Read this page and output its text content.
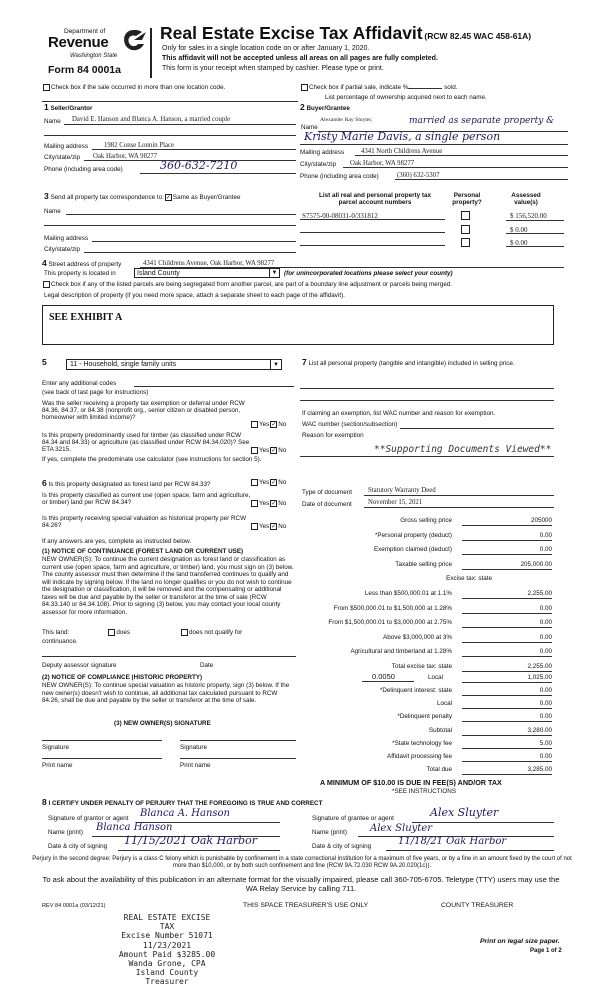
Department of
Revenue
Washington State
Form 84 0001a
Real Estate Excise Tax Affidavit (RCW 82.45 WAC 458-61A)
Only for sales in a single location code on or after January 1, 2020.
This affidavit will not be accepted unless all areas on all pages are fully completed.
This form is your receipt when stamped by cashier. Please type or print.
Check box if the sale occurred in more than one location code.	Check box if partial sale, indicate %	sold.
List percentage of ownership acquired next to each name.
1 Seller/Grantor
Name David E. Hanson and Blanca A. Hanson, a married couple
Mailing address 1982 Conse Lonnin Place
City/state/zip Oak Harbor, WA 98277
Phone (including area code)	360-632-7210
2 Buyer/Grantee
Name
Alexander Ray Sluyter,	married as separate property &
Kristy Marie Davis, a single person
Mailing address 4341 North Childrens Avenue
City/state/zip Oak Harbor, WA 98277
Phone (including area code)	(360) 632-5307
3 Send all property tax correspondence to: ✓ Same as Buyer/Grantee
Name
Mailing address
City/state/zip
List all real and personal property tax
parcel account numbers
Personal
property?
Assessed
value(s)
S7575-00-08031-0/331812	$ 156,520.00
$ 0.00
$ 0.00
4 Street address of property	4341 Childrens Avenue, Oak Harbor, WA 98277
This property is located in	Island County	▼ (for unincorporated locations please select your county)
Check box if any of the listed parcels are being segregated from another parcel, are part of a boundary line adjustment or parcels being merged.
Legal description of property (if you need more space, attach a separate sheet to each page of the affidavit).
SEE EXHIBIT A
5	11 - Household, single family units	▼
Enter any additional codes
(see back of last page for instructions)
Was the seller receiving a property tax exemption or deferral under RCW 84.36, 84.37, or 84.38 (nonprofit org., senior citizen or disabled person, homeowner with limited income)?
Yes ✓ No
Is this property predominantly used for timber (as classified under RCW 84.34 and 84.33) or agriculture (as classified under RCW 84.34.020)? See ETA 3215.	Yes ✓ No
If yes, complete the predominate use calculator (see instructions for section 5).
7 List all personal property (tangible and intangible) included in selling price.
If claiming an exemption, list WAC number and reason for exemption.
WAC number (section/subsection)
Reason for exemption
**Supporting Documents Viewed**
6 Is this property designated as forest land per RCW 84.33?	Yes ✓ No
Is this property classified as current use (open space, farm and agriculture, or timber) land per RCW 84.34?	Yes ✓ No
Is this property receiving special valuation as historical property per RCW 84.26?	Yes ✓ No
If any answers are yes, complete as instructed below.
(1) NOTICE OF CONTINUANCE (FOREST LAND OR CURRENT USE)
NEW OWNER(S): To continue the current designation as forest land or classification as current use (open space, farm and agriculture, or timber) land, you must sign on (3) below. The county assessor must then determine if the land transferred continues to qualify and will indicate by signing below. If the land no longer qualifies or you do not wish to continue the designation or classification, it will be removed and the compensating or additional taxes will be due and payable by the seller or transferor at the time of sale (RCW 84.33.140 or 84.34.108). Prior to signing (3) below, you may contact your local county assessor for more information.
This land:	does	does not qualify for
continuance.
Deputy assessor signature	Date
(2) NOTICE OF COMPLIANCE (HISTORIC PROPERTY)
NEW OWNER(S): To continue special valuation as historic property, sign (3) below. If the new owner(s) doesn't wish to continue, all additional tax calculated pursuant to RCW 84.26, shall be due and payable by the seller or transferor at the time of sale.
(3) NEW OWNER(S) SIGNATURE
Signature	Signature
Print name	Print name
Type of document Statutory Warranty Deed
Date of document November 15, 2021
Gross selling price	205000
*Personal property (deduct)	0.00
Exemption claimed (deduct)	0.00
Taxable selling price	205,000.00
Excise tax: state
Less than $500,000.01 at 1.1%	2,255.00
From $500,000.01 to $1,500,000 at 1.28%	0.00
From $1,500,000.01 to $3,000,000 at 2.75%	0.00
Above $3,000,000 at 3%	0.00
Agricultural and timberland at 1.28%	0.00
Total excise tax: state	2,255.00
*Delinquent interest: state	0.00
Local	0.00
*Delinquent penalty	0.00
Subtotal	3,280.00
*State technology fee	5.00
Affidavit processing fee	0.00
Total due	3,285.00
0.0050	Local	1,025.00
A MINIMUM OF $10.00 IS DUE IN FEE(S) AND/OR TAX
*SEE INSTRUCTIONS
8 I CERTIFY UNDER PENALTY OF PERJURY THAT THE FOREGOING IS TRUE AND CORRECT
Signature of grantor or agent Blanca A. Hanson
Name (print) Blanca Hanson
Date & city of signing 11/15/2021 Oak Harbor
Signature of grantee or agent	Alex Sluyter
Name (print) Alex Sluyter
Date & city of signing	11/18/21 Oak Harbor
Perjury in the second degree: Perjury is a class C felony which is punishable by confinement in a state correctional institution for a maximum of five years, or by a fine in an amount fixed by the court of not more than $10,000, or by both such confinement and fine (RCW 9A.72.030 RCW 9A.20.020(1c)).
To ask about the availability of this publication in an alternate format for the visually impaired, please call 360-705-6705. Teletype (TTY) users may use the WA Relay Service by calling 711.
REV 84 0001a (03/12/21)	THIS SPACE TREASURER'S USE ONLY	COUNTY TREASURER
REAL ESTATE EXCISE TAX
Excise Number 51071
11/23/2021
Amount Paid $3285.00
Wanda Grone, CPA
Island County Treasurer
Print on legal size paper.
Page 1 of 2
